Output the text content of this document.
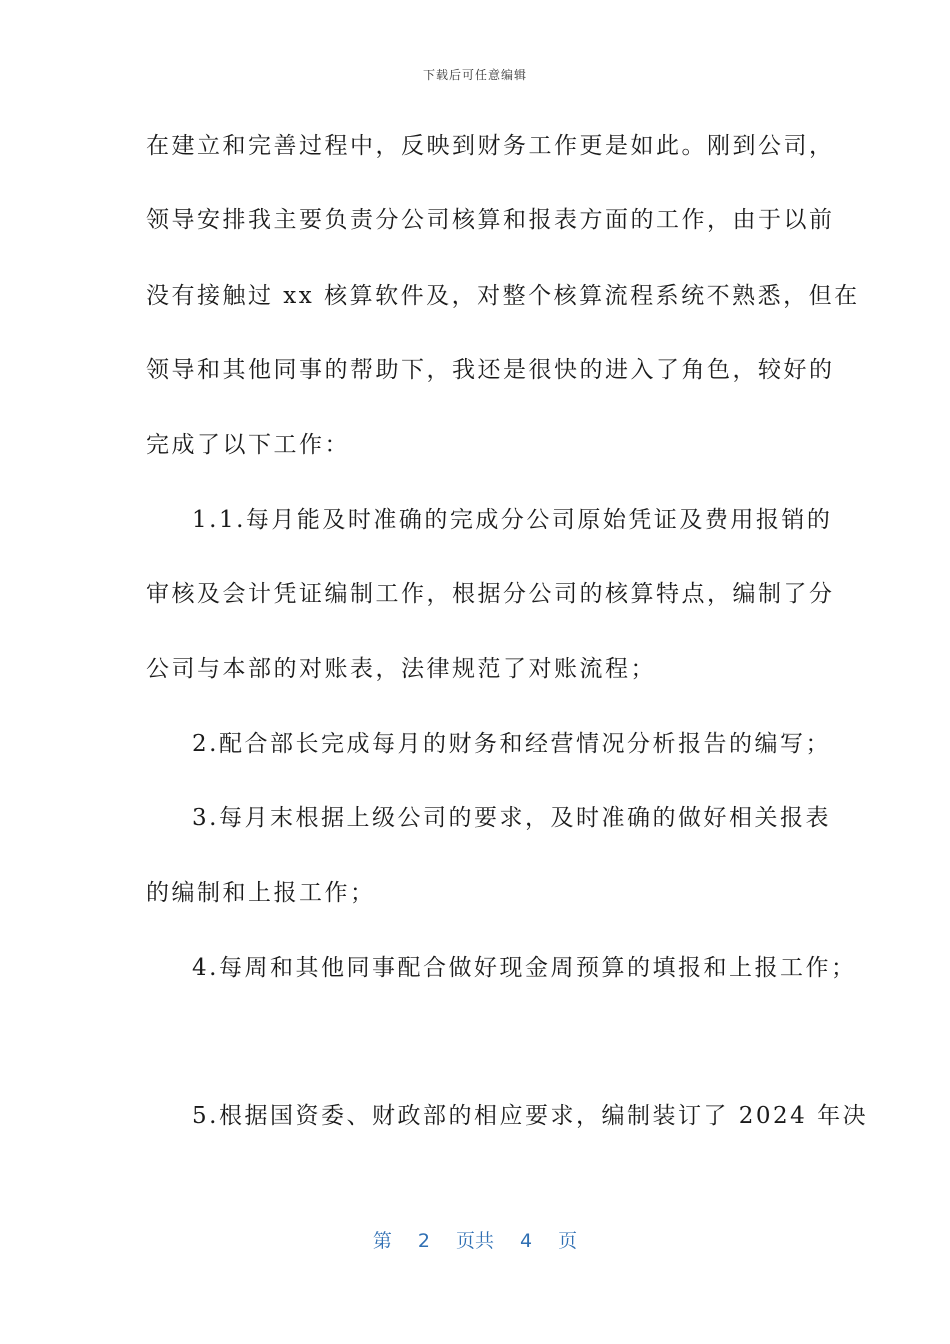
下载后可任意编辑
在建立和完善过程中，反映到财务工作更是如此。刚到公司，
领导安排我主要负责分公司核算和报表方面的工作，由于以前
没有接触过 xx 核算软件及，对整个核算流程系统不熟悉，但在
领导和其他同事的帮助下，我还是很快的进入了角色，较好的
完成了以下工作：
1.1.每月能及时准确的完成分公司原始凭证及费用报销的
审核及会计凭证编制工作，根据分公司的核算特点，编制了分
公司与本部的对账表，法律规范了对账流程；
2.配合部长完成每月的财务和经营情况分析报告的编写；
3.每月末根据上级公司的要求，及时准确的做好相关报表
的编制和上报工作；
4.每周和其他同事配合做好现金周预算的填报和上报工作；
5.根据国资委、财政部的相应要求，编制装订了 2024 年决
第 2 页共 4 页
